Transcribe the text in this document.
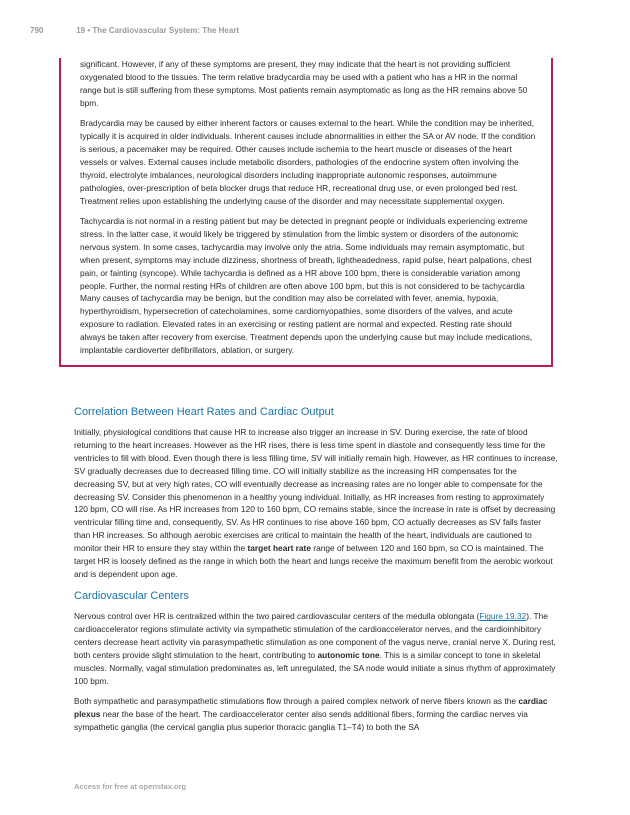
790	19 • The Cardiovascular System: The Heart

significant. However, if any of these symptoms are present, they may indicate that the heart is not providing sufficient oxygenated blood to the tissues. The term relative bradycardia may be used with a patient who has a HR in the normal range but is still suffering from these symptoms. Most patients remain asymptomatic as long as the HR remains above 50 bpm.

Bradycardia may be caused by either inherent factors or causes external to the heart. While the condition may be inherited, typically it is acquired in older individuals. Inherent causes include abnormalities in either the SA or AV node. If the condition is serious, a pacemaker may be required. Other causes include ischemia to the heart muscle or diseases of the heart vessels or valves. External causes include metabolic disorders, pathologies of the endocrine system often involving the thyroid, electrolyte imbalances, neurological disorders including inappropriate autonomic responses, autoimmune pathologies, over-prescription of beta blocker drugs that reduce HR, recreational drug use, or even prolonged bed rest. Treatment relies upon establishing the underlying cause of the disorder and may necessitate supplemental oxygen.

Tachycardia is not normal in a resting patient but may be detected in pregnant people or individuals experiencing extreme stress. In the latter case, it would likely be triggered by stimulation from the limbic system or disorders of the autonomic nervous system. In some cases, tachycardia may involve only the atria. Some individuals may remain asymptomatic, but when present, symptoms may include dizziness, shortness of breath, lightheadedness, rapid pulse, heart palpations, chest pain, or fainting (syncope). While tachycardia is defined as a HR above 100 bpm, there is considerable variation among people. Further, the normal resting HRs of children are often above 100 bpm, but this is not considered to be tachycardia Many causes of tachycardia may be benign, but the condition may also be correlated with fever, anemia, hypoxia, hyperthyroidism, hypersecretion of catecholamines, some cardiomyopathies, some disorders of the valves, and acute exposure to radiation. Elevated rates in an exercising or resting patient are normal and expected. Resting rate should always be taken after recovery from exercise. Treatment depends upon the underlying cause but may include medications, implantable cardioverter defibrillators, ablation, or surgery.

Correlation Between Heart Rates and Cardiac Output

Initially, physiological conditions that cause HR to increase also trigger an increase in SV. During exercise, the rate of blood returning to the heart increases. However as the HR rises, there is less time spent in diastole and consequently less time for the ventricles to fill with blood. Even though there is less filling time, SV will initially remain high. However, as HR continues to increase, SV gradually decreases due to decreased filling time. CO will initially stabilize as the increasing HR compensates for the decreasing SV, but at very high rates, CO will eventually decrease as increasing rates are no longer able to compensate for the decreasing SV. Consider this phenomenon in a healthy young individual. Initially, as HR increases from resting to approximately 120 bpm, CO will rise. As HR increases from 120 to 160 bpm, CO remains stable, since the increase in rate is offset by decreasing ventricular filling time and, consequently, SV. As HR continues to rise above 160 bpm, CO actually decreases as SV falls faster than HR increases. So although aerobic exercises are critical to maintain the health of the heart, individuals are cautioned to monitor their HR to ensure they stay within the target heart rate range of between 120 and 160 bpm, so CO is maintained. The target HR is loosely defined as the range in which both the heart and lungs receive the maximum benefit from the aerobic workout and is dependent upon age.

Cardiovascular Centers

Nervous control over HR is centralized within the two paired cardiovascular centers of the medulla oblongata (Figure 19.32). The cardioaccelerator regions stimulate activity via sympathetic stimulation of the cardioaccelerator nerves, and the cardioinhibitory centers decrease heart activity via parasympathetic stimulation as one component of the vagus nerve, cranial nerve X. During rest, both centers provide slight stimulation to the heart, contributing to autonomic tone. This is a similar concept to tone in skeletal muscles. Normally, vagal stimulation predominates as, left unregulated, the SA node would initiate a sinus rhythm of approximately 100 bpm.

Both sympathetic and parasympathetic stimulations flow through a paired complex network of nerve fibers known as the cardiac plexus near the base of the heart. The cardioaccelerator center also sends additional fibers, forming the cardiac nerves via sympathetic ganglia (the cervical ganglia plus superior thoracic ganglia T1–T4) to both the SA

Access for free at openstax.org
